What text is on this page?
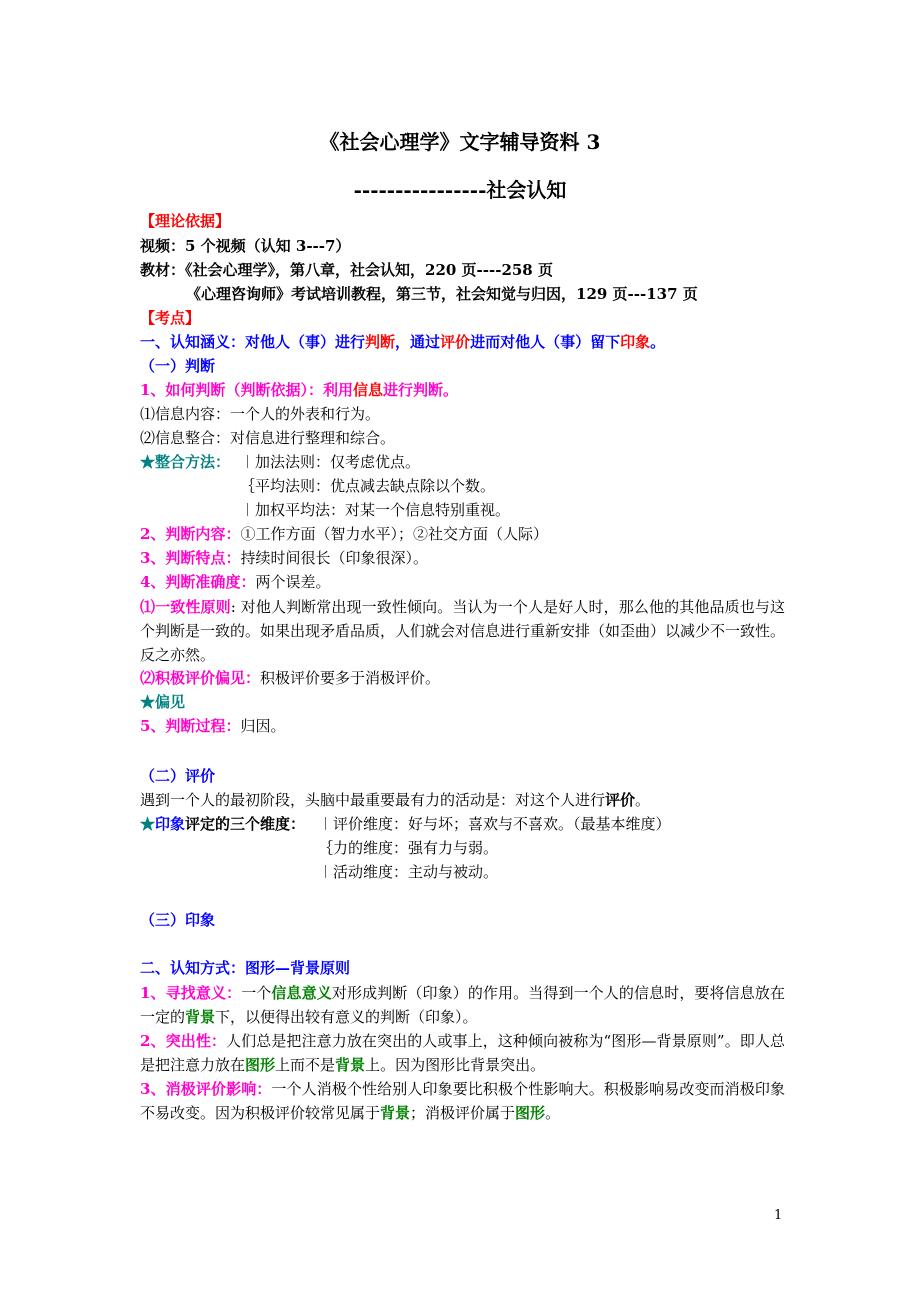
《社会心理学》文字辅导资料 3
----------------社会认知
【理论依据】
视频：5 个视频（认知 3---7）
教材：《社会心理学》，第八章，社会认知，220 页----258 页
《心理咨询师》考试培训教程，第三节，社会知觉与归因，129 页---137 页
【考点】
一、认知涵义：对他人（事）进行判断，通过评价进而对他人（事）留下印象。
（一）判断
1、如何判断（判断依据）：利用信息进行判断。
⑴信息内容：一个人的外表和行为。
⑵信息整合：对信息进行整理和综合。
★整合方法： ︱加法法则：仅考虑优点。
｛平均法则：优点减去缺点除以个数。
︱加权平均法：对某一个信息特别重视。
2、判断内容：①工作方面（智力水平）；②社交方面（人际）
3、判断特点：持续时间很长（印象很深）。
4、判断准确度：两个误差。
⑴一致性原则: 对他人判断常出现一致性倾向。当认为一个人是好人时，那么他的其他品质也与这个判断是一致的。如果出现矛盾品质，人们就会对信息进行重新安排（如歪曲）以减少不一致性。反之亦然。
⑵积极评价偏见：积极评价要多于消极评价。
★偏见
5、判断过程：归因。
（二）评价
遇到一个人的最初阶段，头脑中最重要最有力的活动是：对这个人进行评价。
★印象评定的三个维度： ︱评价维度：好与坏；喜欢与不喜欢。（最基本维度）
｛力的维度：强有力与弱。
︱活动维度：主动与被动。
（三）印象
二、认知方式：图形—背景原则
1、寻找意义：一个信息意义对形成判断（印象）的作用。当得到一个人的信息时，要将信息放在一定的背景下，以便得出较有意义的判断（印象）。
2、突出性：人们总是把注意力放在突出的人或事上，这种倾向被称为“图形—背景原则”。即人总是把注意力放在图形上而不是背景上。因为图形比背景突出。
3、消极评价影响：一个人消极个性给别人印象要比积极个性影响大。积极影响易改变而消极印象不易改变。因为积极评价较常见属于背景；消极评价属于图形。
1
